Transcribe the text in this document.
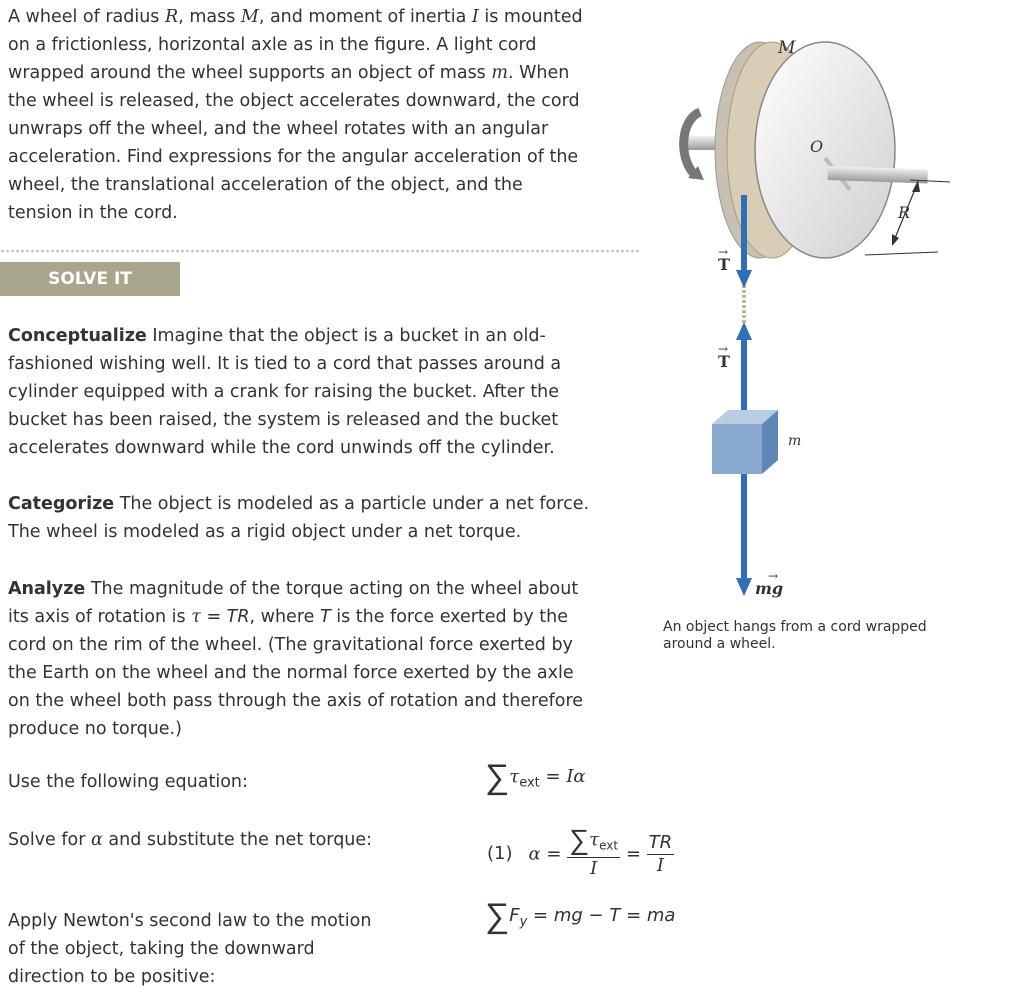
A wheel of radius R, mass M, and moment of inertia I is mounted
on a frictionless, horizontal axle as in the figure. A light cord
wrapped around the wheel supports an object of mass m. When
the wheel is released, the object accelerates downward, the cord
unwraps off the wheel, and the wheel rotates with an angular
acceleration. Find expressions for the angular acceleration of the
wheel, the translational acceleration of the object, and the
tension in the cord.
SOLVE IT
Conceptualize Imagine that the object is a bucket in an old-
fashioned wishing well. It is tied to a cord that passes around a
cylinder equipped with a crank for raising the bucket. After the
bucket has been raised, the system is released and the bucket
accelerates downward while the cord unwinds off the cylinder.
Categorize The object is modeled as a particle under a net force.
The wheel is modeled as a rigid object under a net torque.
Analyze The magnitude of the torque acting on the wheel about
its axis of rotation is τ = TR, where T is the force exerted by the
cord on the rim of the wheel. (The gravitational force exerted by
the Earth on the wheel and the normal force exerted by the axle
on the wheel both pass through the axis of rotation and therefore
produce no torque.)
Use the following equation:
Solve for α and substitute the net torque:
Apply Newton's second law to the motion
of the object, taking the downward
direction to be positive:
$\sum\tau_{ext} = I\alpha$
(1) $\alpha = \frac{\sum\tau_{ext}}{I} = \frac{TR}{I}$
$\sum F_y$ = mg − T = ma
R
M
O
T
→
T
→
m
mg
→
An object hangs from a cord wrapped
around a wheel.
